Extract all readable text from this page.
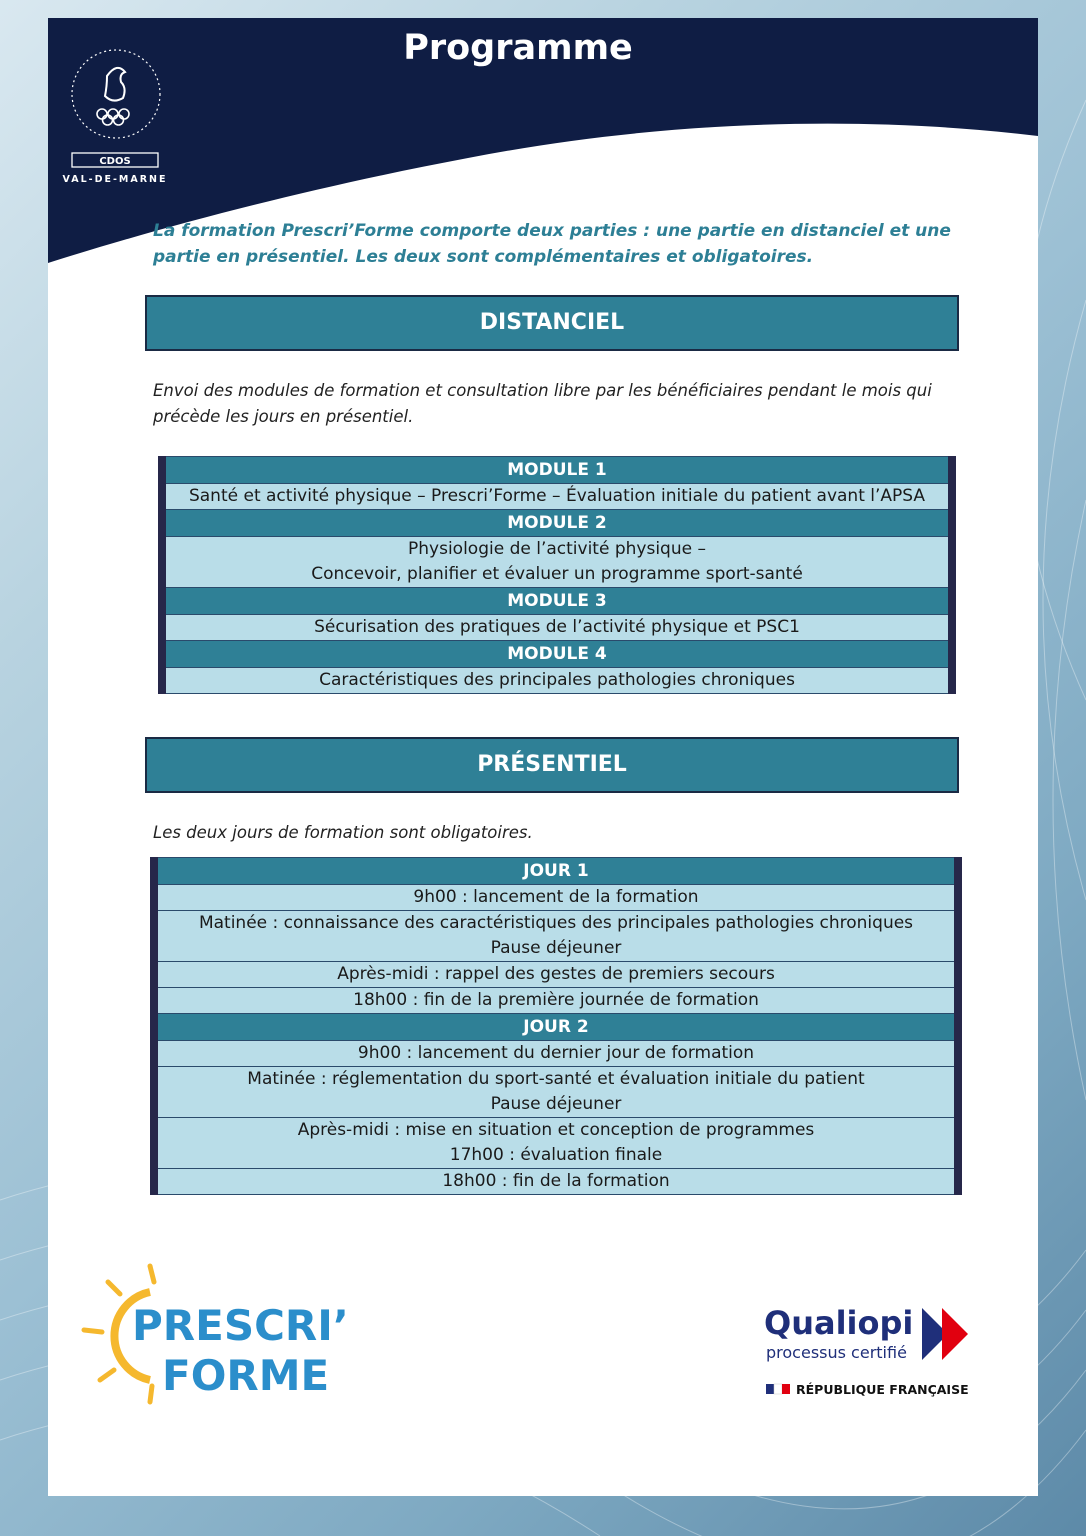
CDOS
VAL-DE-MARNE
Programme
La formation Prescri’Forme comporte deux parties : une partie en distanciel et une partie en présentiel. Les deux sont complémentaires et obligatoires.
DISTANCIEL
Envoi des modules de formation et consultation libre par les bénéficiaires pendant le mois qui précède les jours en présentiel.
MODULE 1

Santé et activité physique – Prescri’Forme – Évaluation initiale du patient avant l’APSA

MODULE 2

Physiologie de l’activité physique –
Concevoir, planifier et évaluer un programme sport-santé

MODULE 3

Sécurisation des pratiques de l’activité physique et PSC1

MODULE 4

Caractéristiques des principales pathologies chroniques
PRÉSENTIEL
Les deux jours de formation sont obligatoires.
JOUR 1

9h00 : lancement de la formation

Matinée : connaissance des caractéristiques des principales pathologies chroniques
Pause déjeuner

Après-midi : rappel des gestes de premiers secours

18h00 : fin de la première journée de formation

JOUR 2

9h00 : lancement du dernier jour de formation

Matinée : réglementation du sport-santé et évaluation initiale du patient
Pause déjeuner

Après-midi : mise en situation et conception de programmes
17h00 : évaluation finale

18h00 : fin de la formation
PRESCRI’
FORME
Qualiopi
processus certifié
RÉPUBLIQUE FRANÇAISE
